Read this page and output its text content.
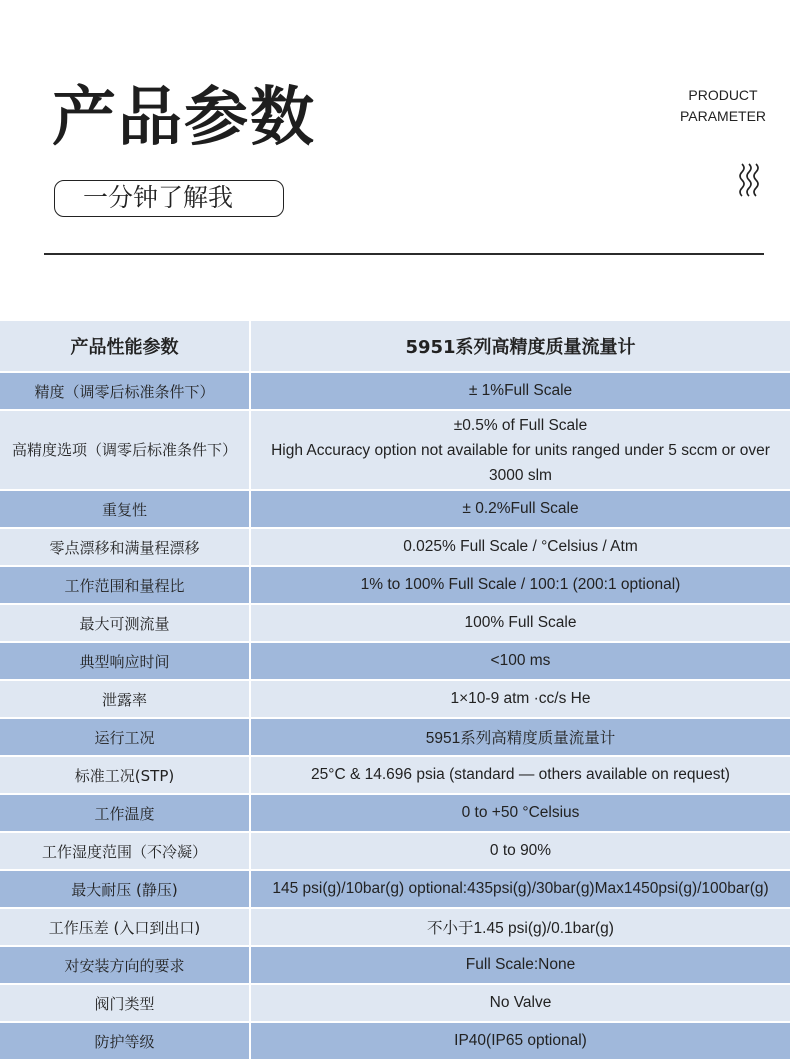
产品参数
一分钟了解我
PRODUCT
PARAMETER
产品性能参数	5951系列高精度质量流量计
精度（调零后标准条件下）	± 1%Full Scale

高精度选项（调零后标准条件下）	±0.5% of Full Scale
High Accuracy option not available for units ranged under 5 sccm or over
3000 slm

重复性	± 0.2%Full Scale

零点漂移和满量程漂移	0.025% Full Scale / °Celsius / Atm

工作范围和量程比	1% to 100% Full Scale / 100:1 (200:1 optional)

最大可测流量	100% Full Scale

典型响应时间	<100 ms

泄露率	1×10-9 atm ·cc/s He

运行工况	5951系列高精度质量流量计

标准工况(STP)	25°C & 14.696 psia (standard — others available on request)

工作温度	0 to +50 °Celsius

工作湿度范围（不冷凝）	0 to 90%

最大耐压 (静压)	145 psi(g)/10bar(g) optional:435psi(g)/30bar(g)Max1450psi(g)/100bar(g)

工作压差 (入口到出口)	不小于1.45 psi(g)/0.1bar(g)

对安装方向的要求	Full Scale:None

阀门类型	No Valve

防护等级	IP40(IP65 optional)
